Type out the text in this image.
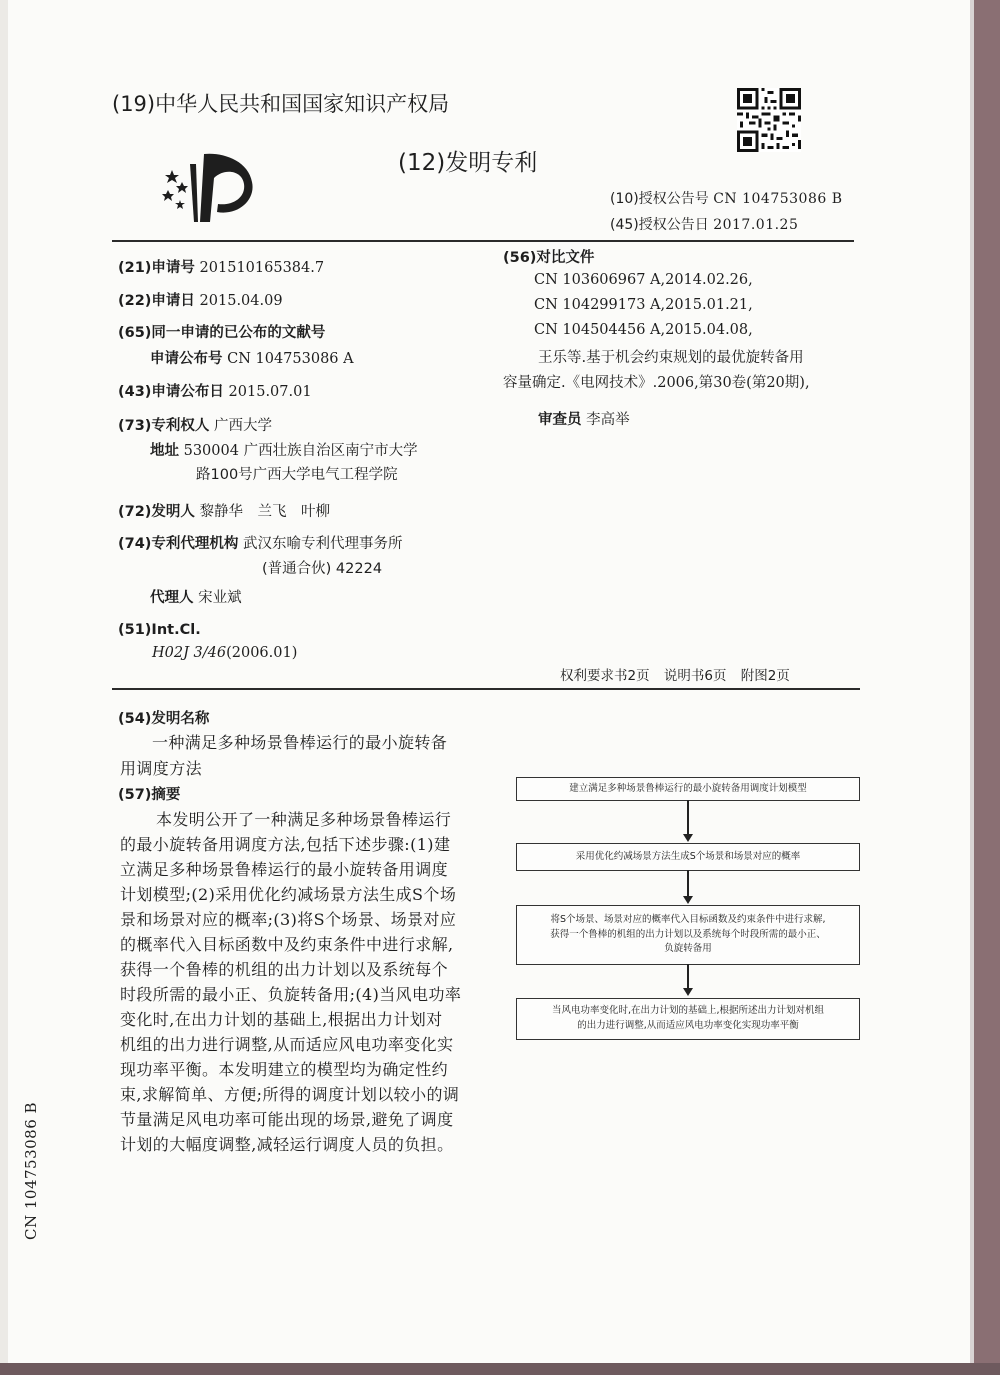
(19)中华人民共和国国家知识产权局
(12)发明专利
(10)授权公告号 CN 104753086 B
(45)授权公告日 2017.01.25
(21)申请号 201510165384.7
(22)申请日 2015.04.09
(65)同一申请的已公布的文献号
申请公布号 CN 104753086 A
(43)申请公布日 2015.07.01
(73)专利权人 广西大学
地址 530004 广西壮族自治区南宁市大学
路100号广西大学电气工程学院
(72)发明人 黎静华　兰飞　叶柳
(74)专利代理机构 武汉东喻专利代理事务所
(普通合伙) 42224
代理人 宋业斌
(51)Int.Cl.
H02J 3/46(2006.01)
(56)对比文件
CN 103606967 A,2014.02.26,
CN 104299173 A,2015.01.21,
CN 104504456 A,2015.04.08,
王乐等.基于机会约束规划的最优旋转备用
容量确定.《电网技术》.2006,第30卷(第20期),
审查员 李高举
权利要求书2页 说明书6页 附图2页
(54)发明名称
一种满足多种场景鲁棒运行的最小旋转备
用调度方法
(57)摘要
本发明公开了一种满足多种场景鲁棒运行
的最小旋转备用调度方法,包括下述步骤:(1)建
立满足多种场景鲁棒运行的最小旋转备用调度
计划模型;(2)采用优化约减场景方法生成S个场
景和场景对应的概率;(3)将S个场景、场景对应
的概率代入目标函数中及约束条件中进行求解,
获得一个鲁棒的机组的出力计划以及系统每个
时段所需的最小正、负旋转备用;(4)当风电功率
变化时,在出力计划的基础上,根据出力计划对
机组的出力进行调整,从而适应风电功率变化实
现功率平衡。本发明建立的模型均为确定性约
束,求解简单、方便;所得的调度计划以较小的调
节量满足风电功率可能出现的场景,避免了调度
计划的大幅度调整,减轻运行调度人员的负担。
建立满足多种场景鲁棒运行的最小旋转备用调度计划模型
采用优化约减场景方法生成S个场景和场景对应的概率
将S个场景、场景对应的概率代入目标函数及约束条件中进行求解,
获得一个鲁棒的机组的出力计划以及系统每个时段所需的最小正、
负旋转备用
当风电功率变化时,在出力计划的基础上,根据所述出力计划对机组
的出力进行调整,从而适应风电功率变化实现功率平衡
CN 104753086 B
